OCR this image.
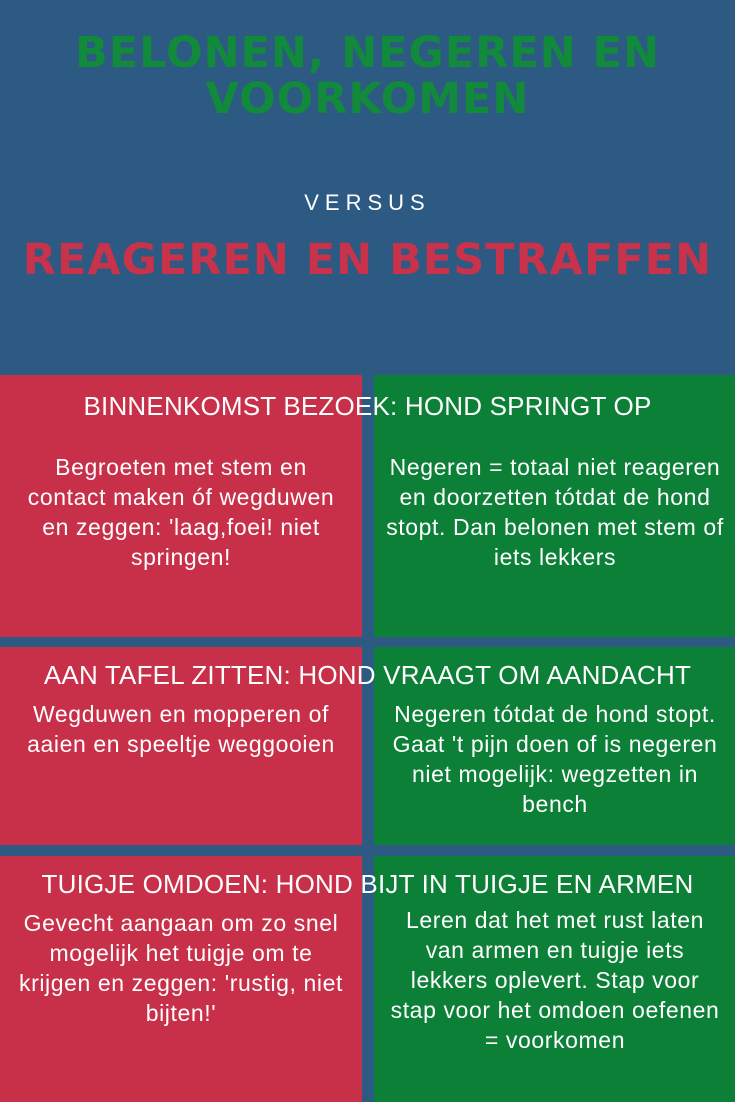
BELONEN, NEGEREN EN VOORKOMEN
VERSUS
REAGEREN EN BESTRAFFEN
BINNENKOMST BEZOEK: HOND SPRINGT OP
Begroeten met stem en contact maken óf wegduwen en zeggen: 'laag,foei! niet springen!
Negeren = totaal niet reageren en doorzetten tótdat de hond stopt. Dan belonen met stem of iets lekkers
AAN TAFEL ZITTEN: HOND VRAAGT OM AANDACHT
Wegduwen en mopperen of aaien en speeltje weggooien
Negeren tótdat de hond stopt. Gaat 't pijn doen of is negeren niet mogelijk: wegzetten in bench
TUIGJE OMDOEN: HOND BIJT IN TUIGJE EN ARMEN
Gevecht aangaan om zo snel mogelijk het tuigje om te krijgen en zeggen: 'rustig, niet bijten!'
Leren dat het met rust laten van armen en tuigje iets lekkers oplevert. Stap voor stap voor het omdoen oefenen = voorkomen
